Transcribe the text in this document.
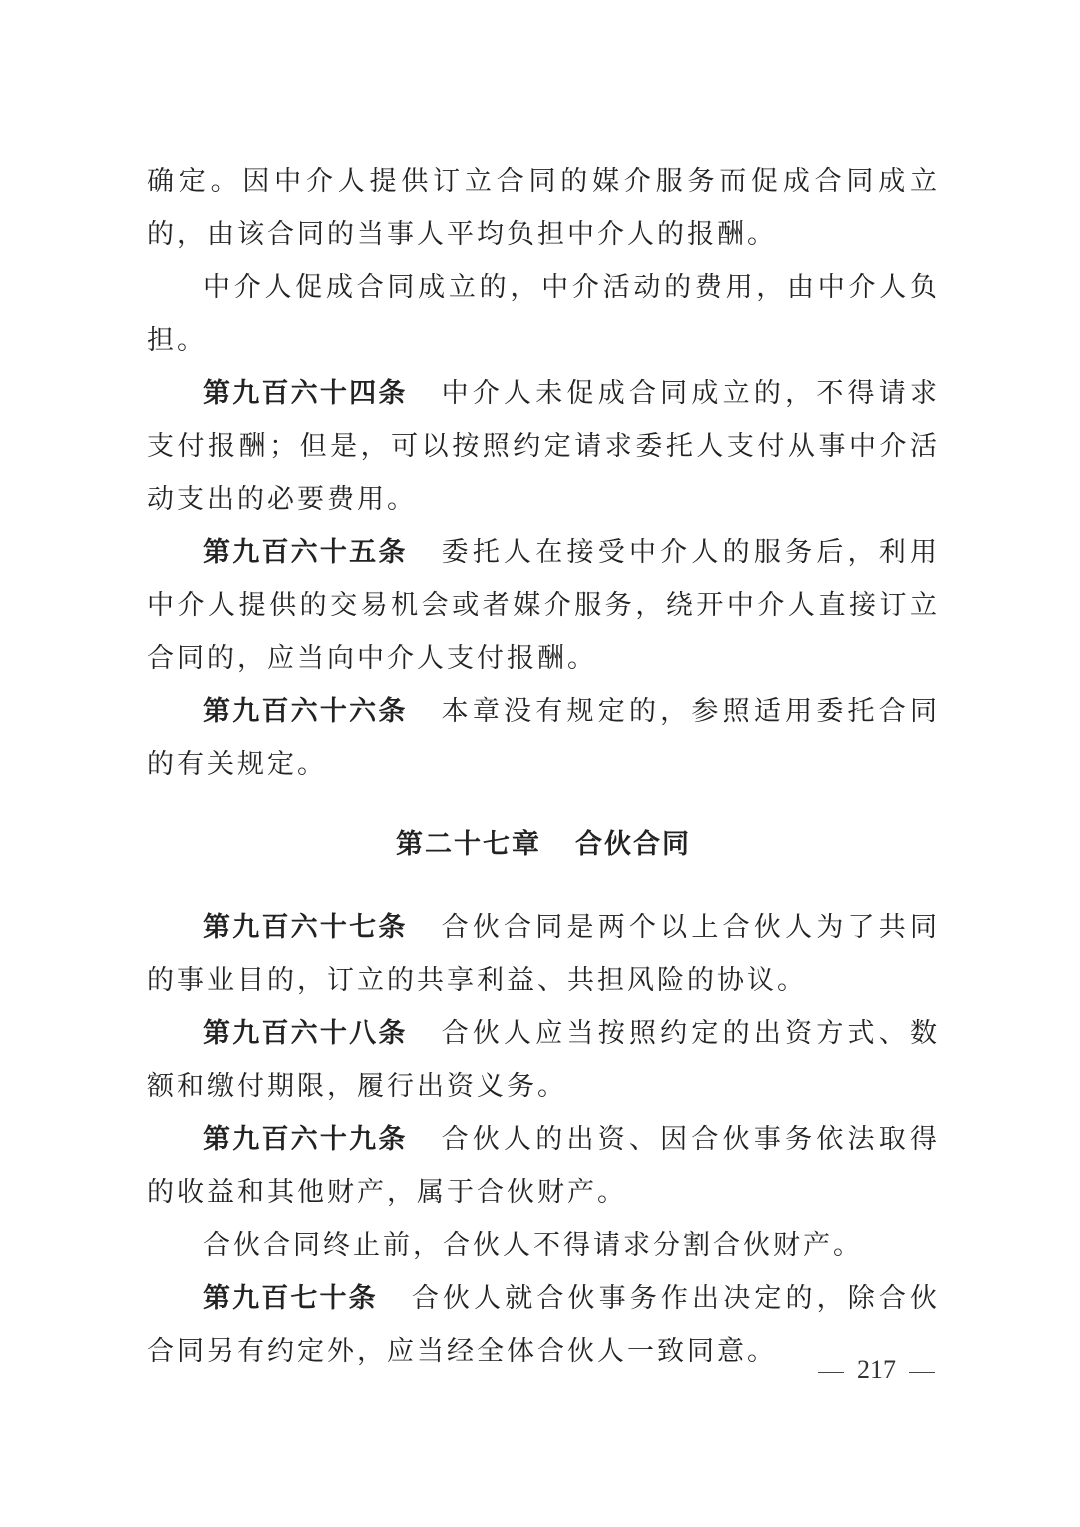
确定。因中介人提供订立合同的媒介服务而促成合同成立的，由该合同的当事人平均负担中介人的报酬。

中介人促成合同成立的，中介活动的费用，由中介人负担。

第九百六十四条 中介人未促成合同成立的，不得请求支付报酬；但是，可以按照约定请求委托人支付从事中介活动支出的必要费用。

第九百六十五条 委托人在接受中介人的服务后，利用中介人提供的交易机会或者媒介服务，绕开中介人直接订立合同的，应当向中介人支付报酬。

第九百六十六条 本章没有规定的，参照适用委托合同的有关规定。

第二十七章 合伙合同

第九百六十七条 合伙合同是两个以上合伙人为了共同的事业目的，订立的共享利益、共担风险的协议。

第九百六十八条 合伙人应当按照约定的出资方式、数额和缴付期限，履行出资义务。

第九百六十九条 合伙人的出资、因合伙事务依法取得的收益和其他财产，属于合伙财产。

合伙合同终止前，合伙人不得请求分割合伙财产。

第九百七十条 合伙人就合伙事务作出决定的，除合伙合同另有约定外，应当经全体合伙人一致同意。

217
